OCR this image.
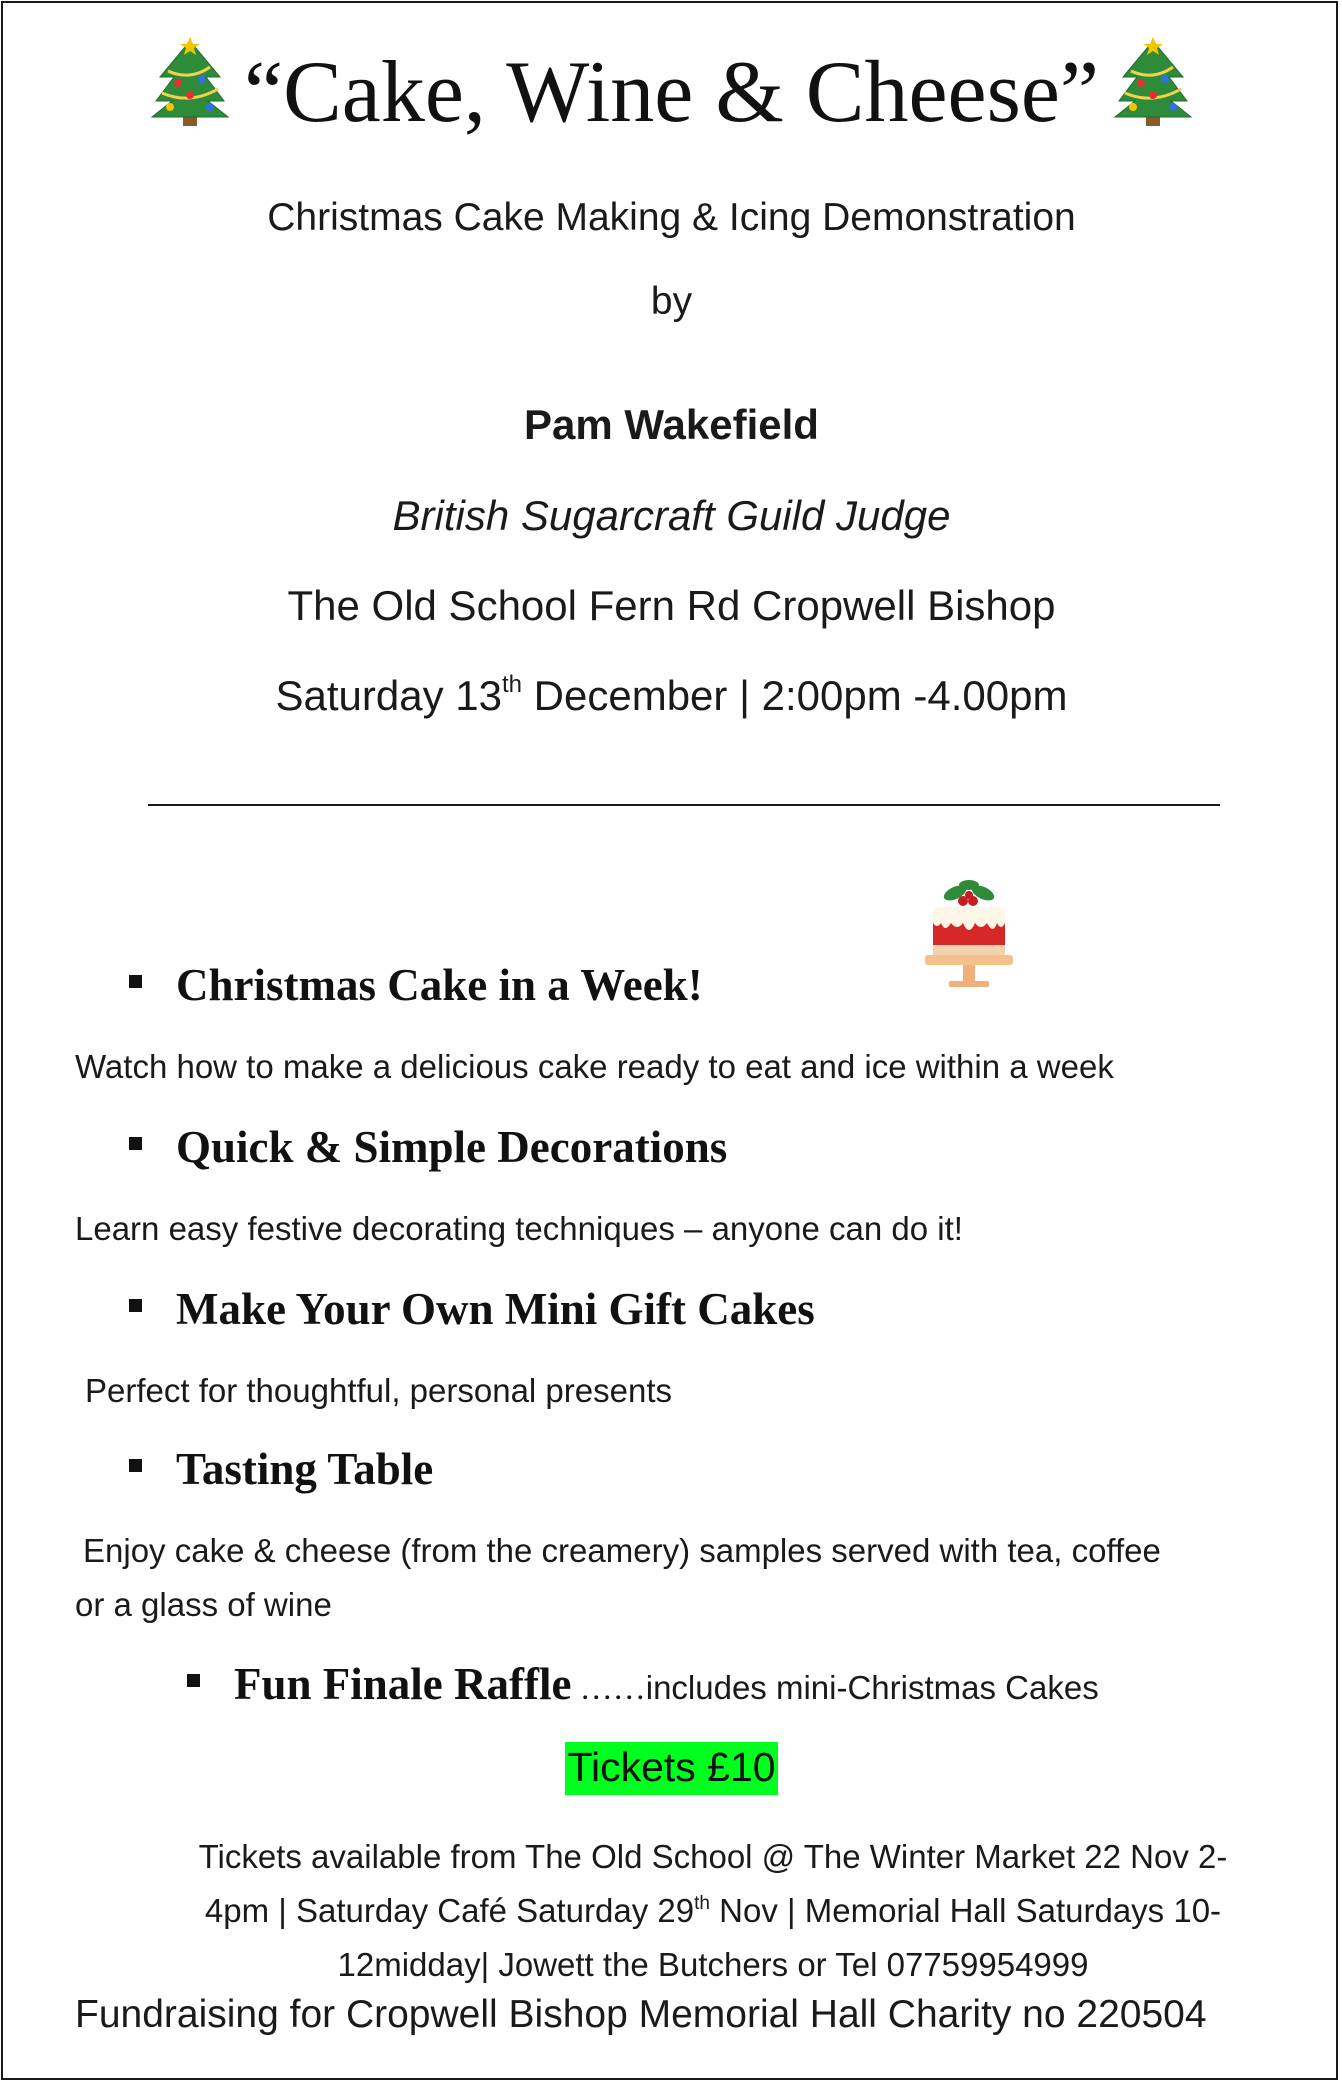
“Cake, Wine & Cheese”
Christmas Cake Making & Icing Demonstration
by
Pam Wakefield
British Sugarcraft Guild Judge
The Old School Fern Rd Cropwell Bishop
Saturday 13th December | 2:00pm -4.00pm
Christmas Cake in a Week!
Watch how to make a delicious cake ready to eat and ice within a week
Quick & Simple Decorations
Learn easy festive decorating techniques – anyone can do it!
Make Your Own Mini Gift Cakes
Perfect for thoughtful, personal presents
Tasting Table
Enjoy cake & cheese (from the creamery) samples served with tea, coffee
or a glass of wine
Fun Finale Raffle ……includes mini-Christmas Cakes
Tickets £10
Tickets available from The Old School @ The Winter Market 22 Nov 2-
4pm | Saturday Café Saturday 29th Nov | Memorial Hall Saturdays 10-
12midday| Jowett the Butchers or Tel 07759954999
Fundraising for Cropwell Bishop Memorial Hall Charity no 220504
